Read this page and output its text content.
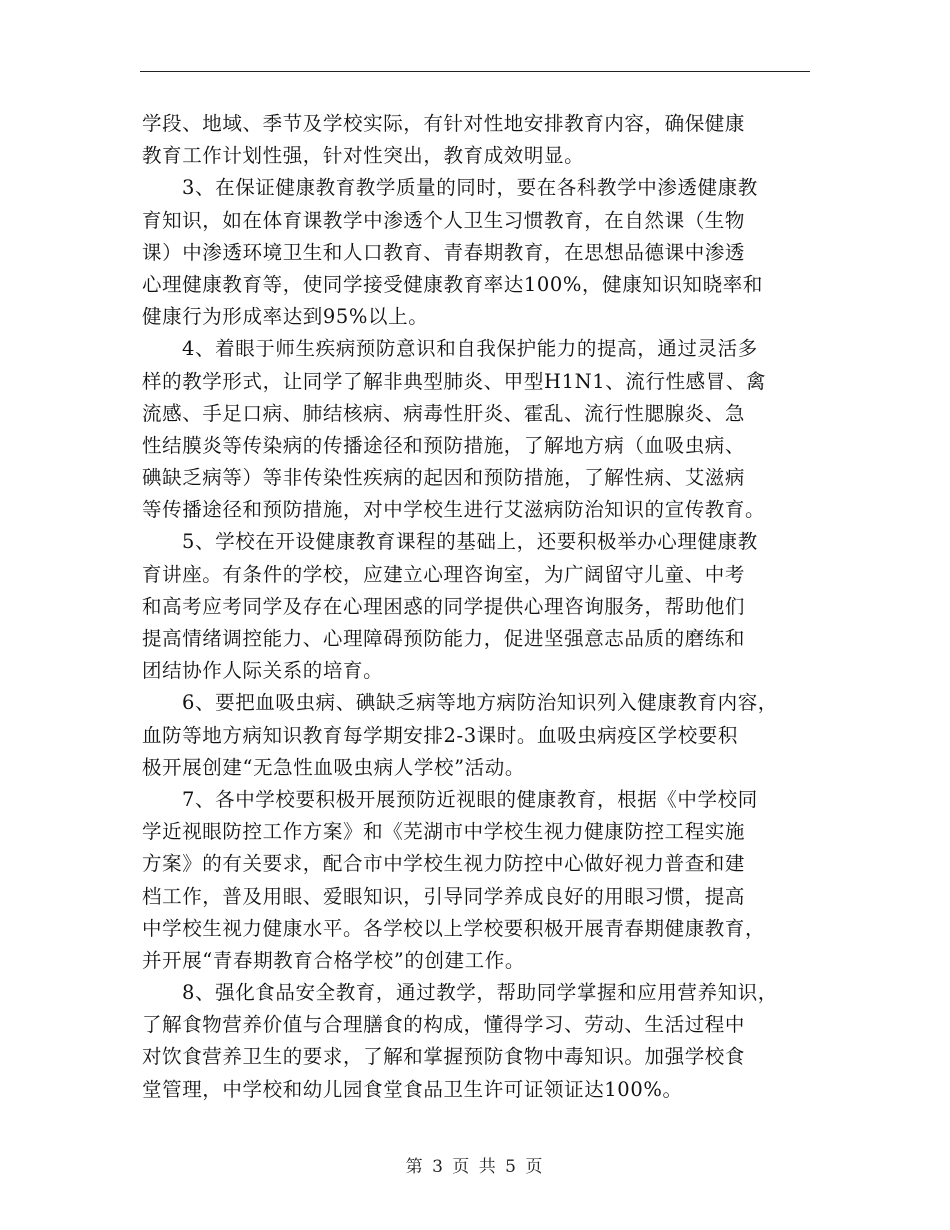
学段、地域、季节及学校实际，有针对性地安排教育内容，确保健康
教育工作计划性强，针对性突出，教育成效明显。
3、在保证健康教育教学质量的同时，要在各科教学中渗透健康教
育知识，如在体育课教学中渗透个人卫生习惯教育，在自然课（生物
课）中渗透环境卫生和人口教育、青春期教育，在思想品德课中渗透
心理健康教育等，使同学接受健康教育率达100%，健康知识知晓率和
健康行为形成率达到95%以上。
4、着眼于师生疾病预防意识和自我保护能力的提高，通过灵活多
样的教学形式，让同学了解非典型肺炎、甲型H1N1、流行性感冒、禽
流感、手足口病、肺结核病、病毒性肝炎、霍乱、流行性腮腺炎、急
性结膜炎等传染病的传播途径和预防措施，了解地方病（血吸虫病、
碘缺乏病等）等非传染性疾病的起因和预防措施，了解性病、艾滋病
等传播途径和预防措施，对中学校生进行艾滋病防治知识的宣传教育。
5、学校在开设健康教育课程的基础上，还要积极举办心理健康教
育讲座。有条件的学校，应建立心理咨询室，为广阔留守儿童、中考
和高考应考同学及存在心理困惑的同学提供心理咨询服务，帮助他们
提高情绪调控能力、心理障碍预防能力，促进坚强意志品质的磨练和
团结协作人际关系的培育。
6、要把血吸虫病、碘缺乏病等地方病防治知识列入健康教育内容，
血防等地方病知识教育每学期安排2-3课时。血吸虫病疫区学校要积
极开展创建“无急性血吸虫病人学校”活动。
7、各中学校要积极开展预防近视眼的健康教育，根据《中学校同
学近视眼防控工作方案》和《芜湖市中学校生视力健康防控工程实施
方案》的有关要求，配合市中学校生视力防控中心做好视力普查和建
档工作，普及用眼、爱眼知识，引导同学养成良好的用眼习惯，提高
中学校生视力健康水平。各学校以上学校要积极开展青春期健康教育，
并开展“青春期教育合格学校”的创建工作。
8、强化食品安全教育，通过教学，帮助同学掌握和应用营养知识，
了解食物营养价值与合理膳食的构成，懂得学习、劳动、生活过程中
对饮食营养卫生的要求，了解和掌握预防食物中毒知识。加强学校食
堂管理，中学校和幼儿园食堂食品卫生许可证领证达100%。
第 3 页 共 5 页
